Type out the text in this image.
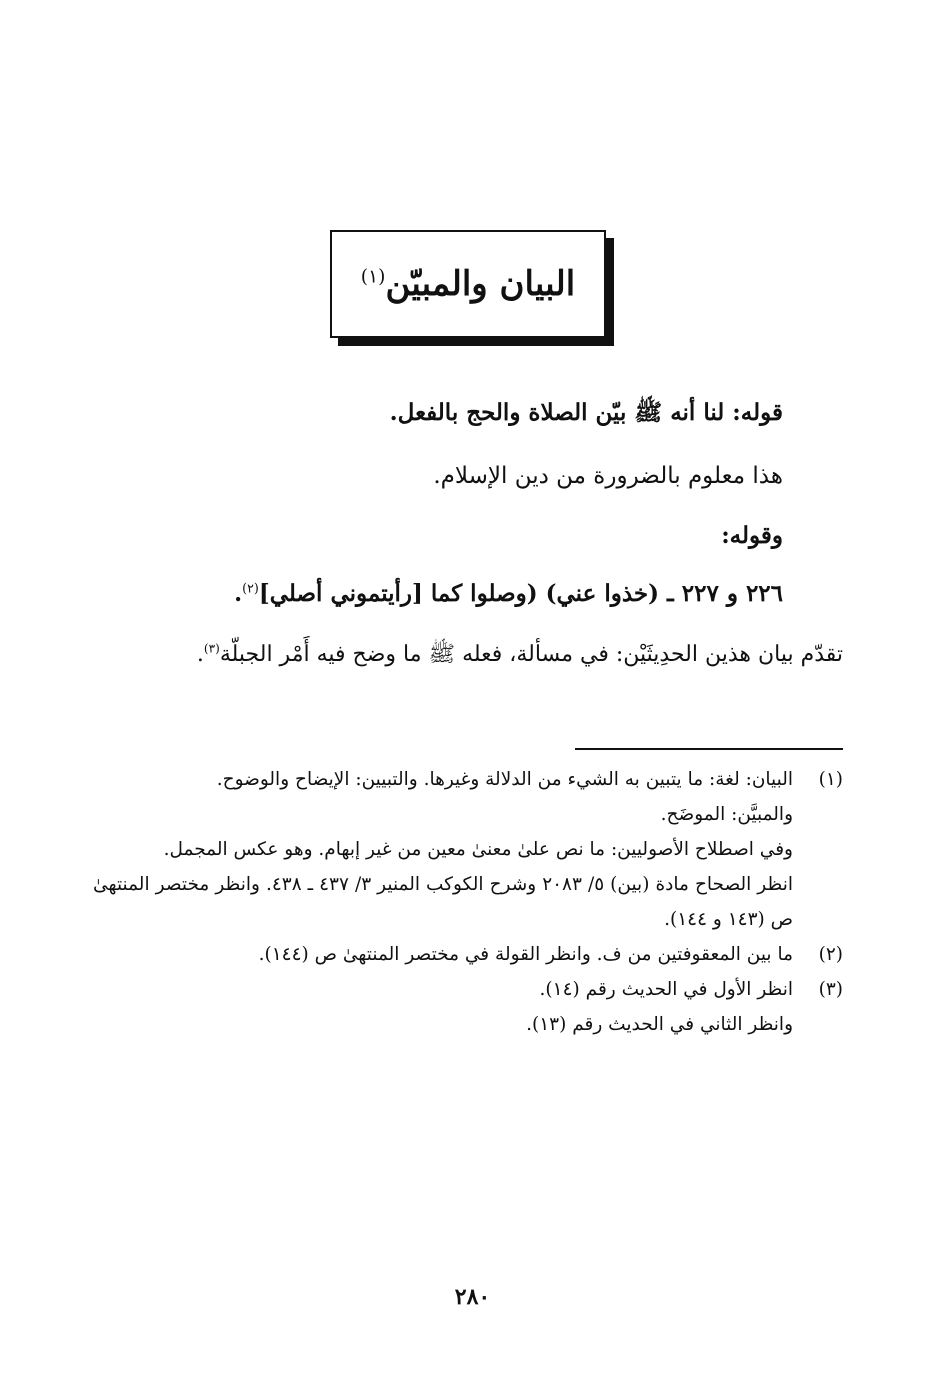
البيان والمبيّن$^{(١)}$
قوله: لنا أنه ﷺ بيّن الصلاة والحج بالفعل.
هذا معلوم بالضرورة من دين الإسلام.
وقوله:
٢٢٦ و ٢٢٧ ـ (خذوا عني) (وصلوا كما [رأيتموني أصلي]$^{(٢)}$.
تقدّم بيان هذين الحدِيثَيْن: في مسألة، فعله ﷺ ما وضح فيه أَمْر الجبلّة$^{(٣)}$.
(١)
البيان: لغة: ما يتبين به الشيء من الدلالة وغيرها. والتبيين: الإيضاح والوضوح.
والمبيَّن: الموضَح.
وفي اصطلاح الأصوليين: ما نص علىٰ معنىٰ معين من غير إبهام. وهو عكس المجمل.
انظر الصحاح مادة (بين) ٥/ ٢٠٨٣ وشرح الكوكب المنير ٣/ ٤٣٧ ـ ٤٣٨. وانظر مختصر المنتهىٰ ص (١٤٣ و ١٤٤).
(٢)
ما بين المعقوفتين من ف. وانظر القولة في مختصر المنتهىٰ ص (١٤٤).
(٣)
انظر الأول في الحديث رقم (١٤).
وانظر الثاني في الحديث رقم (١٣).
٢٨٠
